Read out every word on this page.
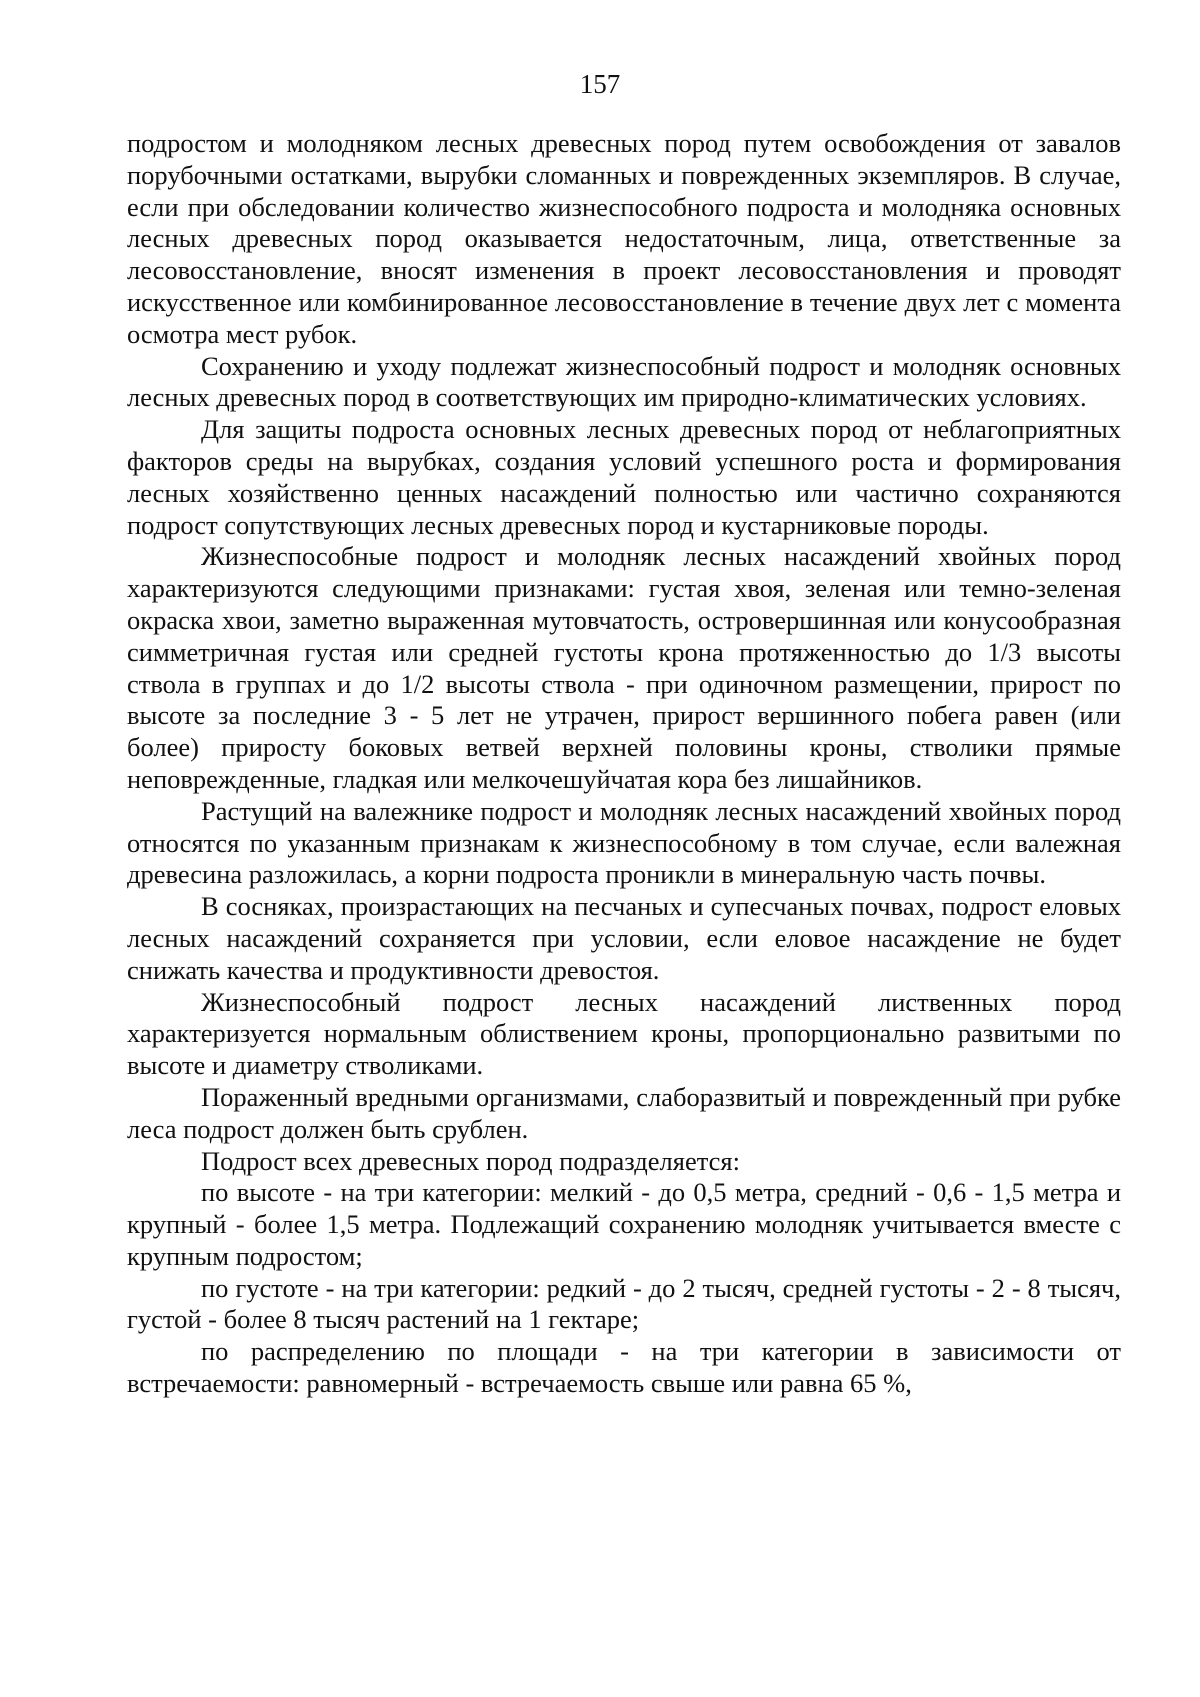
157

подростом и молодняком лесных древесных пород путем освобождения от завалов порубочными остатками, вырубки сломанных и поврежденных экземпляров. В случае, если при обследовании количество жизнеспособного подроста и молодняка основных лесных древесных пород оказывается недостаточным, лица, ответственные за лесовосстановление, вносят изменения в проект лесовосстановления и проводят искусственное или комбинированное лесовосстановление в течение двух лет с момента осмотра мест рубок.

Сохранению и уходу подлежат жизнеспособный подрост и молодняк основных лесных древесных пород в соответствующих им природно-климатических условиях.

Для защиты подроста основных лесных древесных пород от неблагоприятных факторов среды на вырубках, создания условий успешного роста и формирования лесных хозяйственно ценных насаждений полностью или частично сохраняются подрост сопутствующих лесных древесных пород и кустарниковые породы.

Жизнеспособные подрост и молодняк лесных насаждений хвойных пород характеризуются следующими признаками: густая хвоя, зеленая или темно-зеленая окраска хвои, заметно выраженная мутовчатость, островершинная или конусообразная симметричная густая или средней густоты крона протяженностью до 1/3 высоты ствола в группах и до 1/2 высоты ствола - при одиночном размещении, прирост по высоте за последние 3 - 5 лет не утрачен, прирост вершинного побега равен (или более) приросту боковых ветвей верхней половины кроны, стволики прямые неповрежденные, гладкая или мелкочешуйчатая кора без лишайников.

Растущий на валежнике подрост и молодняк лесных насаждений хвойных пород относятся по указанным признакам к жизнеспособному в том случае, если валежная древесина разложилась, а корни подроста проникли в минеральную часть почвы.

В сосняках, произрастающих на песчаных и супесчаных почвах, подрост еловых лесных насаждений сохраняется при условии, если еловое насаждение не будет снижать качества и продуктивности древостоя.

Жизнеспособный подрост лесных насаждений лиственных пород характеризуется нормальным облиствением кроны, пропорционально развитыми по высоте и диаметру стволиками.

Пораженный вредными организмами, слаборазвитый и поврежденный при рубке леса подрост должен быть срублен.

Подрост всех древесных пород подразделяется:

по высоте - на три категории: мелкий - до 0,5 метра, средний - 0,6 - 1,5 метра и крупный - более 1,5 метра. Подлежащий сохранению молодняк учитывается вместе с крупным подростом;

по густоте - на три категории: редкий - до 2 тысяч, средней густоты - 2 - 8 тысяч, густой - более 8 тысяч растений на 1 гектаре;

по распределению по площади - на три категории в зависимости от встречаемости: равномерный - встречаемость свыше или равна 65 %,
